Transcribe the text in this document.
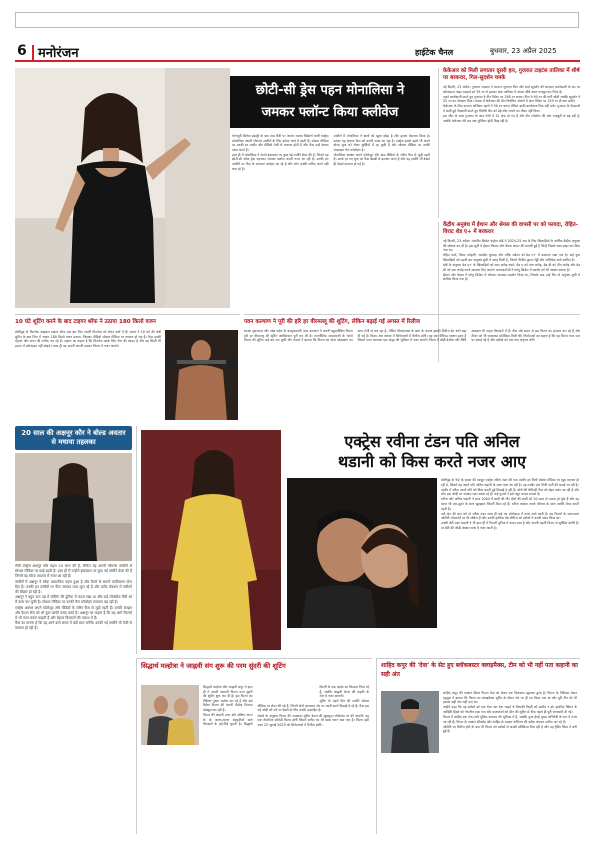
6 मनोरंजन	हाईटेक चैनल	बुधवार, 23 अप्रैल 2025
छोटी-सी ड्रेस पहन मोनालिसा ने
जमकर फ्लॉन्ट किया क्लीवेज

भोजपुरी सिनेमा इंडस्ट्री के बाद अब टीवी पर अपना जलवा बिखेरने वाली एक्ट्रेस मोनालिसा अपनी ग्लैमरस तस्वीरों के लिए हमेशा चर्चा में रहती हैं। सोशल मीडिया पर उनकी हर तस्वीर और वीडियो तेजी से वायरल होती है और फैंस उन्हें देखना पसंद करते हैं।

हाल ही में मोनालिसा ने अपने इंस्टाग्राम पर कुछ नई तस्वीरें शेयर की हैं, जिनमें वह छोटी-सी ब्लैक ड्रेस पहनकर जमकर फ्लॉन्ट करती नजर आ रही हैं। उनकी इन तस्वीरों पर फैंस के लगातार कमेंट्स आ रहे हैं और लोग उनकी तारीफ करते नहीं थक रहे हैं।

तस्वीरों में मोनालिसा ने बालों को खुला छोड़ा है और हल्का मेकअप किया है। उनका यह अंदाज फैंस को काफी पसंद आ रहा है। एक्ट्रेस इससे पहले भी अपने बोल्ड लुक को लेकर सुर्खियों में रह चुकी हैं और सोशल मीडिया पर उनकी जबरदस्त फैन फॉलोइंग है।

मोनालिसा अक्सर अपने फोटोशूट और डांस वीडियो के जरिए फैंस से जुड़ी रहती हैं। उनके हर नए लुक का फैंस बेसब्री से इंतजार करते हैं और यह तस्वीरें भी देखते ही देखते वायरल हो गई हैं।

केकेआर को मिली लगातार दूसरी हार, गुजरात टाइटंस तालिका में शीर्ष पर बरकरार, गिल-सुदर्शन चमके

नई दिल्ली, 23 अप्रैल। गुजरात टाइटंस ने कप्तान शुभमन गिल और साई सुदर्शन की शानदार बल्लेबाजी के दम पर कोलकाता नाइट राइडर्स को 39 रन से हराकर अंक तालिका में अपना शीर्ष स्थान मजबूत कर लिया है।

पहले बल्लेबाजी करते हुए गुजरात ने तीन विकेट पर 198 रन बनाए। गिल ने 90 रन की पारी खेली जबकि सुदर्शन ने 52 रन का योगदान दिया। जवाब में केकेआर की टीम निर्धारित ओवरों में आठ विकेट पर 159 रन ही बना सकी।

केकेआर के लिए कप्तान अजिंक्य रहाणे ने 50 रन बनाए लेकिन बाकी बल्लेबाज टिक नहीं सके। गुजरात के गेंदबाजों ने कसी हुई गेंदबाजी करते हुए विरोधी टीम को बड़े शॉट लगाने का मौका नहीं दिया।

इस जीत के साथ गुजरात के आठ मैचों में 12 अंक हो गए हैं और टीम प्लेऑफ की ओर मजबूती से बढ़ रही है, जबकि केकेआर की राह अब मुश्किल होती दिख रही है।

केंद्रीय अनुबंध में ईशान और श्रेयस की वापसी पर को फायदा, रोहित-विराट शेड ए+ में बरकरार

नई दिल्ली, 23 अप्रैल। भारतीय क्रिकेट कंट्रोल बोर्ड ने 2024-25 सत्र के लिए खिलाड़ियों के वार्षिक केंद्रीय अनुबंध की घोषणा कर दी है। इस सूची में ईशान किशन और श्रेयस अय्यर की वापसी हुई है जिन्हें पिछले साल बाहर कर दिया गया था।

रोहित शर्मा, विराट कोहली, जसप्रीत बुमराह और रवींद्र जडेजा को ग्रेड ए+ में बरकरार रखा गया है। कई युवा खिलाड़ियों को पहली बार अनुबंध सूची में जगह मिली है, जिनमें नीतीश कुमार रेड्डी और अभिषेक शर्मा शामिल हैं।

बोर्ड के अनुसार ग्रेड ए+ के खिलाड़ियों को सात करोड़ रुपये, ग्रेड ए को पांच करोड़, ग्रेड बी को तीन करोड़ और ग्रेड सी को एक करोड़ रुपये सालाना दिए जाएंगे। चयनकर्ताओं ने घरेलू क्रिकेट में प्रदर्शन को भी आधार बनाया है।

ईशान और श्रेयस ने घरेलू क्रिकेट में लौटकर शानदार प्रदर्शन किया था, जिसके बाद उन्हें फिर से अनुबंध सूची में शामिल किया गया है।

10 घंटे शूटिंग करने के बाद टाइगर श्रॉफ ने उठाया 180 किलो वजन
बॉलीवुड के फिटनेस आइकन टाइगर श्रॉफ एक बार फिर अपनी फिटनेस को लेकर चर्चा में हैं। एक्टर ने 10 घंटे की लंबी शूटिंग के बाद जिम में जाकर 180 किलो वजन उठाया, जिसका वीडियो सोशल मीडिया पर वायरल हो रहा है। फैंस उनकी मेहनत और लगन की तारीफ कर रहे हैं। टाइगर का कहना है कि फिटनेस उनके लिए रोज की आदत है और वह किसी भी हालत में वर्कआउट नहीं छोड़ते। जल्द ही वह अपनी अगली एक्शन फिल्म में नजर आएंगे।
पवन कल्याण ने पूरी की हरि हर वीरमल्लू की शूटिंग, लेकिन बढ़ाई गई अगस्त में रिलीज
साउथ सुपरस्टार और आंध्र प्रदेश के उपमुख्यमंत्री पवन कल्याण ने अपनी बहुप्रतीक्षित फिल्म हरि हर वीरमल्लू की शूटिंग आखिरकार पूरी कर ली है। राजनीतिक व्यस्तताओं के चलते फिल्म की शूटिंग कई बार टल चुकी थी। मेकर्स ने बताया कि फिल्म का पोस्ट प्रोडक्शन का काम तेजी से चल रहा है, लेकिन वीएफएक्स के काम के कारण इसकी रिलीज डेट आगे बढ़ा दी गई है। फिल्म अब अगस्त में सिनेमाघरों में रिलीज होगी। यह एक पीरियड एक्शन ड्रामा है जिसमें पवन कल्याण एक योद्धा की भूमिका में नजर आएंगे। फिल्म में बॉबी देओल और निधि अग्रवाल भी अहम किरदारों में हैं। फैंस लंबे समय से इस फिल्म का इंतजार कर रहे हैं और टीजर को भी जबरदस्त प्रतिक्रिया मिली थी। निर्माताओं का कहना है कि यह फिल्म भव्य स्तर पर बनाई गई है और दर्शकों को एक नया अनुभव देगी।
20 साल की अक्षनूर कौर ने बोल्ड अवतार से मचाया तहलका

टीवी एक्ट्रेस अक्षनूर कौर महज 20 साल की हैं, लेकिन वह अपनी ग्लैमरस तस्वीरों से सोशल मीडिया पर छाई रहती हैं। हाल ही में उन्होंने इंस्टाग्राम पर कुछ नई तस्वीरें शेयर की हैं जिनमें वह बोल्ड अवतार में नजर आ रही हैं।

तस्वीरों में अक्षनूर ने ब्लैक आउटफिट पहना हुआ है और कैमरे के सामने कातिलाना पोज दिए हैं। उनकी इन तस्वीरों पर फैंस जमकर प्यार लुटा रहे हैं और कमेंट सेक्शन में तारीफों की बौछार हो रही है।

अक्षनूर ने बहुत कम उम्र में एक्टिंग की दुनिया में कदम रखा था और कई लोकप्रिय टीवी शो में काम कर चुकी हैं। सोशल मीडिया पर उनकी फैन फॉलोइंग लगातार बढ़ रही है।

एक्ट्रेस अक्सर अपने फोटोशूट और वीडियो के जरिए फैंस से जुड़ी रहती हैं। उनकी स्टाइल और फैशन सेंस को भी युवा काफी पसंद करते हैं। अक्षनूर का कहना है कि वह आगे फिल्मों में भी काम करना चाहती हैं और बेहतर किरदारों की तलाश में हैं।

फैंस का मानना है कि वह आने वाले समय में बड़ी स्टार बनेंगी। उनकी नई तस्वीरें भी तेजी से वायरल हो रही हैं।

एक्ट्रेस रवीना टंडन पति अनिल
थडानी को किस करते नजर आए

बॉलीवुड के 90 के दशक की मशहूर एक्ट्रेस रवीना टंडन की एक तस्वीर इन दिनों सोशल मीडिया पर खूब वायरल हो रही है, जिसमें वह अपने पति अनिल थडानी के साथ नजर आ रही हैं। यह तस्वीर एक निजी पार्टी की बताई जा रही है।

तस्वीर में रवीना अपने पति को किस करती हुई दिखाई दे रही हैं। दोनों की केमिस्ट्री फैंस को बेहद पसंद आ रही है और लोग इस जोड़ी पर जमकर प्यार बरसा रहे हैं। कई यूजर्स ने इसे क्यूट कपल बताया है।

रवीना और अनिल थडानी ने साल 2004 में शादी की थी। दोनों की शादी को 20 साल से ज्यादा हो चुके हैं और वह आज भी एक-दूसरे के साथ खुशहाल जिंदगी बिता रहे हैं। रवीना अक्सर अपने परिवार के साथ तस्वीरें शेयर करती रहती हैं।

वर्क फ्रंट की बात करें तो रवीना टंडन जल्द ही कई नए प्रोजेक्ट्स में नजर आने वाली हैं। वह फिल्मों के साथ-साथ ओटीटी प्लेटफॉर्म पर भी सक्रिय हैं और उनकी हालिया वेब सीरीज को दर्शकों ने काफी पसंद किया था।

उनकी बेटी राशा थडानी ने भी हाल ही में फिल्मी दुनिया में कदम रखा है और अपनी पहली फिल्म से सुर्खियां बटोरी हैं। मां-बेटी की जोड़ी अक्सर साथ में नजर आती है।

सिद्धार्थ मल्होत्रा ने जाह्नवी संग शुरू की परम सुंदरी की शूटिंग

सिद्धार्थ मल्होत्रा और जाह्नवी कपूर ने हाल ही में अपनी आगामी फिल्म परम सुंदरी की शूटिंग शुरू कर दी है। इस फिल्म का निर्देशन तुषार जलोटा कर रहे हैं और इसे दिनेश विजन की कंपनी मैडॉक फिल्म्स प्रोड्यूस कर रही है।

फिल्म की कहानी उत्तर और दक्षिण भारत के दो अलग-अलग संस्कृतियों वाले किरदारों के इर्द-गिर्द घूमती है। सिद्धार्थ दिल्ली के एक लड़के का किरदार निभा रहे हैं, जबकि जाह्नवी केरल की लड़की के रोल में नजर आएंगी।

शूटिंग के पहले दिन की तस्वीरें सोशल मीडिया पर शेयर की गई हैं, जिनमें दोनों कलाकार सेट पर मस्ती करते दिखाई दे रहे हैं। फैंस इस नई जोड़ी को पर्दे पर देखने के लिए काफी उत्साहित हैं।

मेकर्स के अनुसार फिल्म की ज्यादातर शूटिंग केरल की खूबसूरत लोकेशंस पर की जाएगी। यह एक रोमांटिक कॉमेडी फिल्म होगी जिसमें संगीत का भी खास ध्यान रखा गया है। फिल्म इसी साल 25 जुलाई 2025 को सिनेमाघरों में रिलीज होगी।

शाहिद कपूर की 'देवा' के सेट हुए ब्लॉकबस्टर क्लाइमैक्स, टीम को भी नहीं पता कहानी का सही अंत

शाहिद कपूर की एक्शन थ्रिलर फिल्म देवा को लेकर एक दिलचस्प खुलासा हुआ है। फिल्म के निर्देशक रोशन एंड्रयूज ने बताया कि फिल्म का क्लाइमैक्स शूटिंग के दौरान सेट पर ही तय किया गया था और पूरी टीम को भी इसका सही अंत नहीं पता था।

उन्होंने कहा कि वह दर्शकों को एक ऐसा अंत देना चाहते थे जिसकी किसी को उम्मीद न हो। इसलिए स्क्रिप्ट के आखिरी हिस्से को गोपनीय रखा गया और कलाकारों को सीन की शूटिंग से ठीक पहले ही पूरी जानकारी दी गई।

फिल्म में शाहिद एक तेज-तर्रार पुलिस अफसर की भूमिका में हैं, जबकि पूजा हेगड़े मुख्य अभिनेत्री के रूप में नजर आ रही हैं। फिल्म के एक्शन सीक्वेंस और शाहिद के दमदार अभिनय की दर्शक जमकर तारीफ कर रहे हैं।

ओटीटी पर रिलीज होने के बाद भी फिल्म को दर्शकों से अच्छी प्रतिक्रिया मिल रही है और यह ट्रेंडिंग लिस्ट में बनी हुई है।
